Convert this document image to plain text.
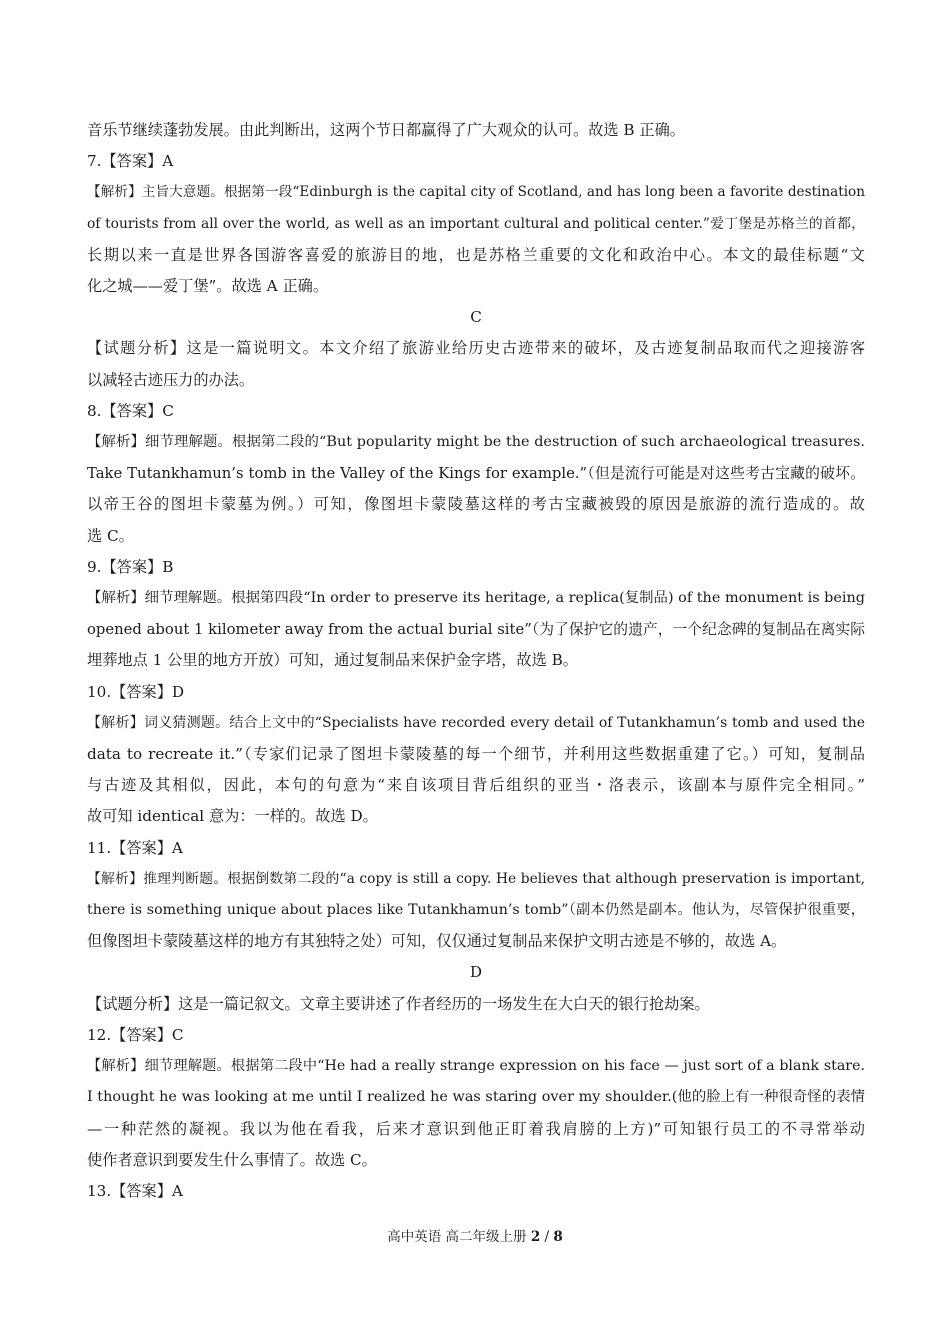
音乐节继续蓬勃发展。由此判断出，这两个节日都赢得了广大观众的认可。故选 B 正确。
7.【答案】A
【解析】主旨大意题。根据第一段“Edinburgh is the capital city of Scotland, and has long been a favorite destination
of tourists from all over the world, as well as an important cultural and political center.”爱丁堡是苏格兰的首都，
长期以来一直是世界各国游客喜爱的旅游目的地，也是苏格兰重要的文化和政治中心。本文的最佳标题“文
化之城——爱丁堡”。故选 A 正确。
C
【试题分析】这是一篇说明文。本文介绍了旅游业给历史古迹带来的破坏，及古迹复制品取而代之迎接游客
以减轻古迹压力的办法。
8.【答案】C
【解析】细节理解题。根据第二段的“But popularity might be the destruction of such archaeological treasures.
Take Tutankhamun’s tomb in the Valley of the Kings for example.”（但是流行可能是对这些考古宝藏的破坏。
以帝王谷的图坦卡蒙墓为例。）可知，像图坦卡蒙陵墓这样的考古宝藏被毁的原因是旅游的流行造成的。故
选 C。
9.【答案】B
【解析】细节理解题。根据第四段“In order to preserve its heritage, a replica(复制品) of the monument is being
opened about 1 kilometer away from the actual burial site”（为了保护它的遗产，一个纪念碑的复制品在离实际
埋葬地点 1 公里的地方开放）可知，通过复制品来保护金字塔，故选 B。
10.【答案】D
【解析】词义猜测题。结合上文中的“Specialists have recorded every detail of Tutankhamun’s tomb and used the
data to recreate it.”（专家们记录了图坦卡蒙陵墓的每一个细节，并利用这些数据重建了它。）可知，复制品
与古迹及其相似，因此，本句的句意为“来自该项目背后组织的亚当・洛表示，该副本与原件完全相同。”
故可知 identical 意为：一样的。故选 D。
11.【答案】A
【解析】推理判断题。根据倒数第二段的“a copy is still a copy. He believes that although preservation is important,
there is something unique about places like Tutankhamun’s tomb”（副本仍然是副本。他认为，尽管保护很重要，
但像图坦卡蒙陵墓这样的地方有其独特之处）可知，仅仅通过复制品来保护文明古迹是不够的，故选 A。
D
【试题分析】这是一篇记叙文。文章主要讲述了作者经历的一场发生在大白天的银行抢劫案。
12.【答案】C
【解析】细节理解题。根据第二段中“He had a really strange expression on his face — just sort of a blank stare.
I thought he was looking at me until I realized he was staring over my shoulder.(他的脸上有一种很奇怪的表情
—一种茫然的凝视。我以为他在看我，后来才意识到他正盯着我肩膀的上方)”可知银行员工的不寻常举动
使作者意识到要发生什么事情了。故选 C。
13.【答案】A
高中英语 高二年级上册 2 / 8
